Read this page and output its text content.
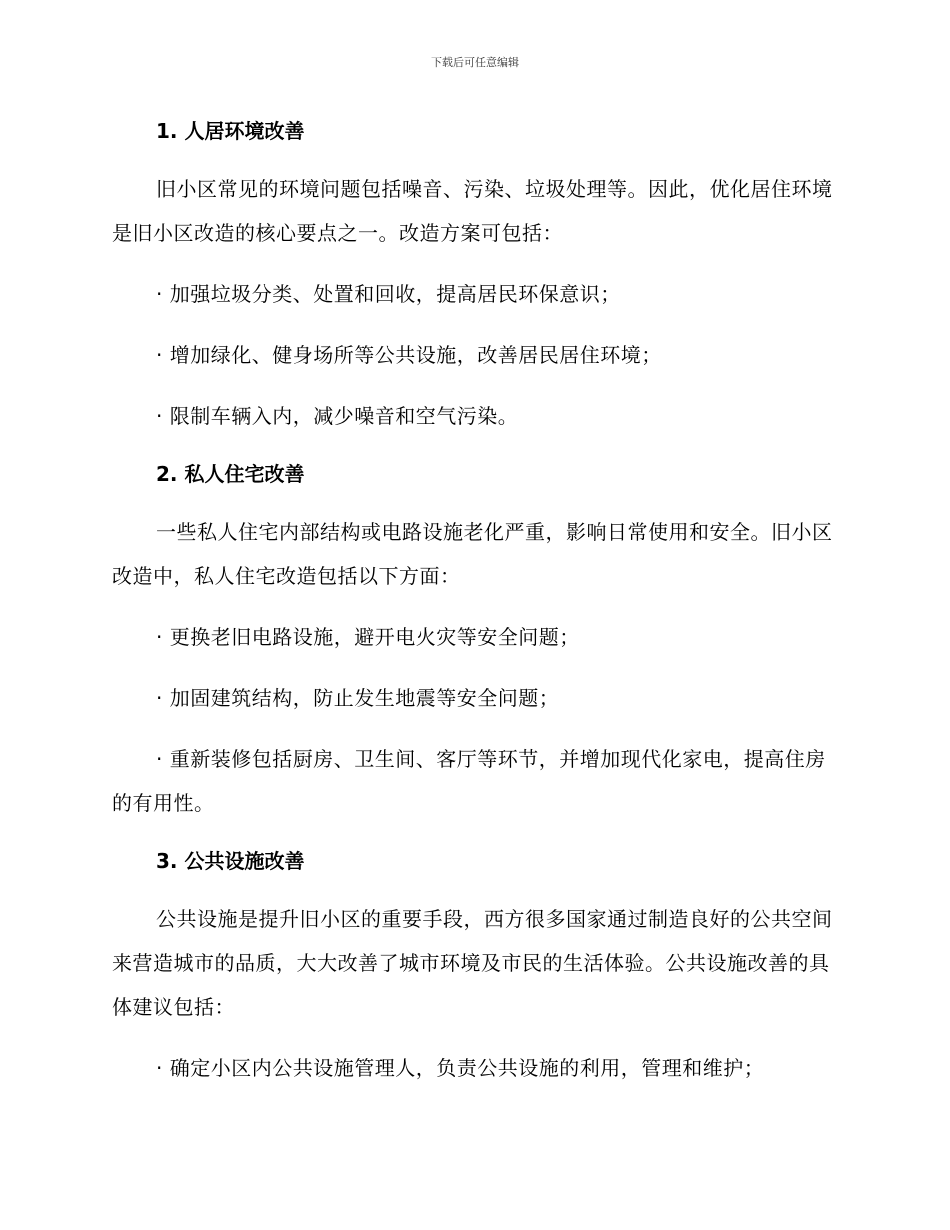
下载后可任意编辑
1. 人居环境改善
旧小区常见的环境问题包括噪音、污染、垃圾处理等。因此，优化居住环境是旧小区改造的核心要点之一。改造方案可包括：
· 加强垃圾分类、处置和回收，提高居民环保意识；
· 增加绿化、健身场所等公共设施，改善居民居住环境；
· 限制车辆入内，减少噪音和空气污染。
2. 私人住宅改善
一些私人住宅内部结构或电路设施老化严重，影响日常使用和安全。旧小区改造中，私人住宅改造包括以下方面：
· 更换老旧电路设施，避开电火灾等安全问题；
· 加固建筑结构，防止发生地震等安全问题；
· 重新装修包括厨房、卫生间、客厅等环节，并增加现代化家电，提高住房的有用性。
3. 公共设施改善
公共设施是提升旧小区的重要手段，西方很多国家通过制造良好的公共空间来营造城市的品质，大大改善了城市环境及市民的生活体验。公共设施改善的具体建议包括：
· 确定小区内公共设施管理人，负责公共设施的利用，管理和维护；
